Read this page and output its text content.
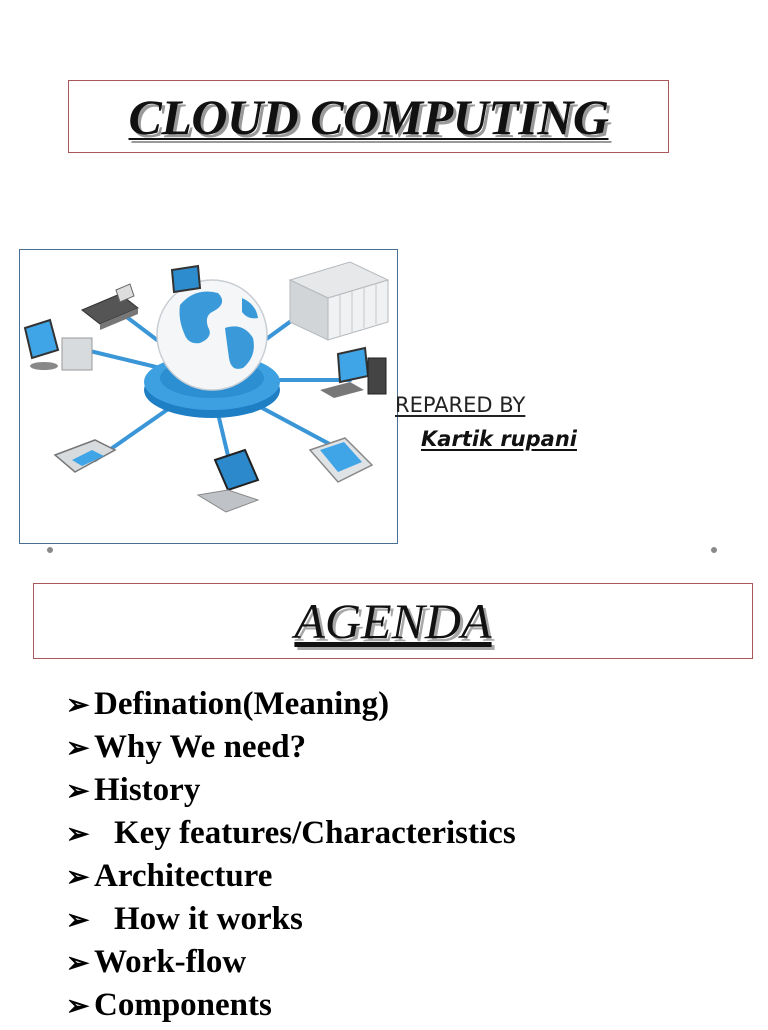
CLOUD COMPUTING
REPARED BY
Kartik rupani
AGENDA
➢ Defination(Meaning)
➢ Why We need?
➢ History
➢ Key features/Characteristics
➢ Architecture
➢ How it works
➢ Work-flow
➢ Components
